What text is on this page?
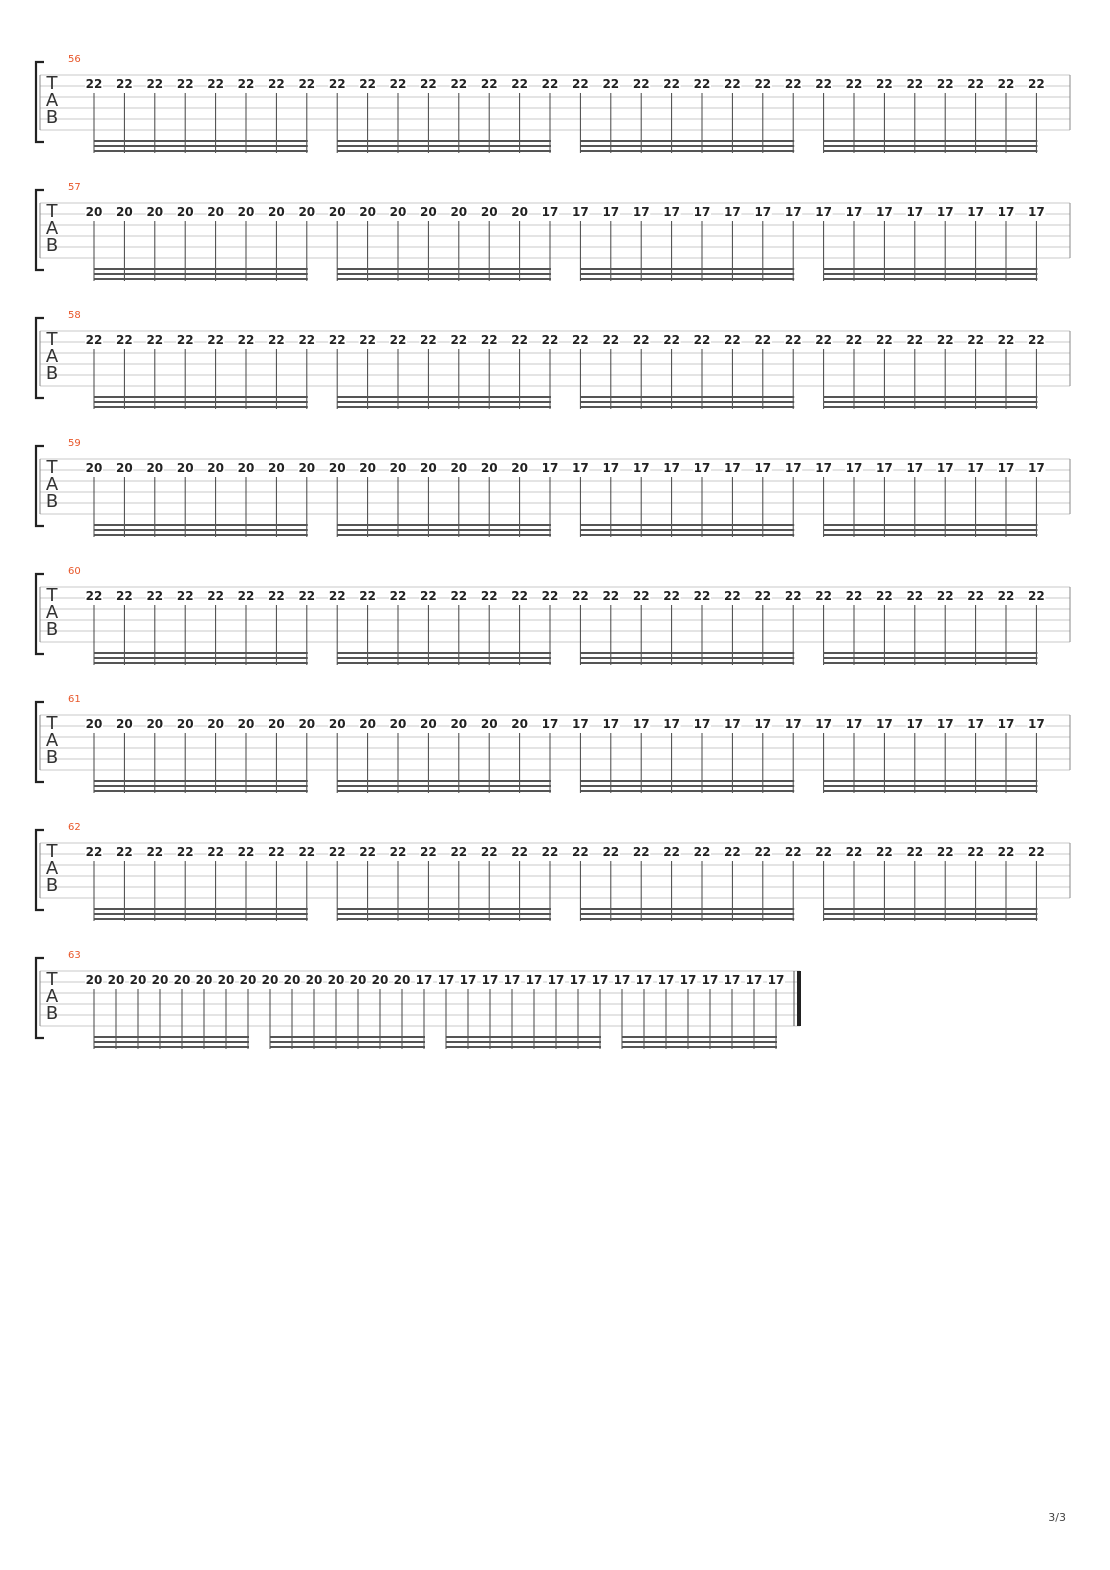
56
T
A
B
22 22 22 22 22 22 22 22 22 22 22 22 22 22 22 22 22 22 22 22 22 22 22 22 22 22 22 22 22 22 22 22
57
T
A
B
20 20 20 20 20 20 20 20 20 20 20 20 20 20 20 17 17 17 17 17 17 17 17 17 17 17 17 17 17 17 17 17
58
T
A
B
22 22 22 22 22 22 22 22 22 22 22 22 22 22 22 22 22 22 22 22 22 22 22 22 22 22 22 22 22 22 22 22
59
T
A
B
20 20 20 20 20 20 20 20 20 20 20 20 20 20 20 17 17 17 17 17 17 17 17 17 17 17 17 17 17 17 17 17
60
T
A
B
22 22 22 22 22 22 22 22 22 22 22 22 22 22 22 22 22 22 22 22 22 22 22 22 22 22 22 22 22 22 22 22
61
T
A
B
20 20 20 20 20 20 20 20 20 20 20 20 20 20 20 17 17 17 17 17 17 17 17 17 17 17 17 17 17 17 17 17
62
T
A
B
22 22 22 22 22 22 22 22 22 22 22 22 22 22 22 22 22 22 22 22 22 22 22 22 22 22 22 22 22 22 22 22
63
T
A
B
20 20 20 20 20 20 20 20 20 20 20 20 20 20 20 17 17 17 17 17 17 17 17 17 17 17 17 17 17 17 17 17
3/3
